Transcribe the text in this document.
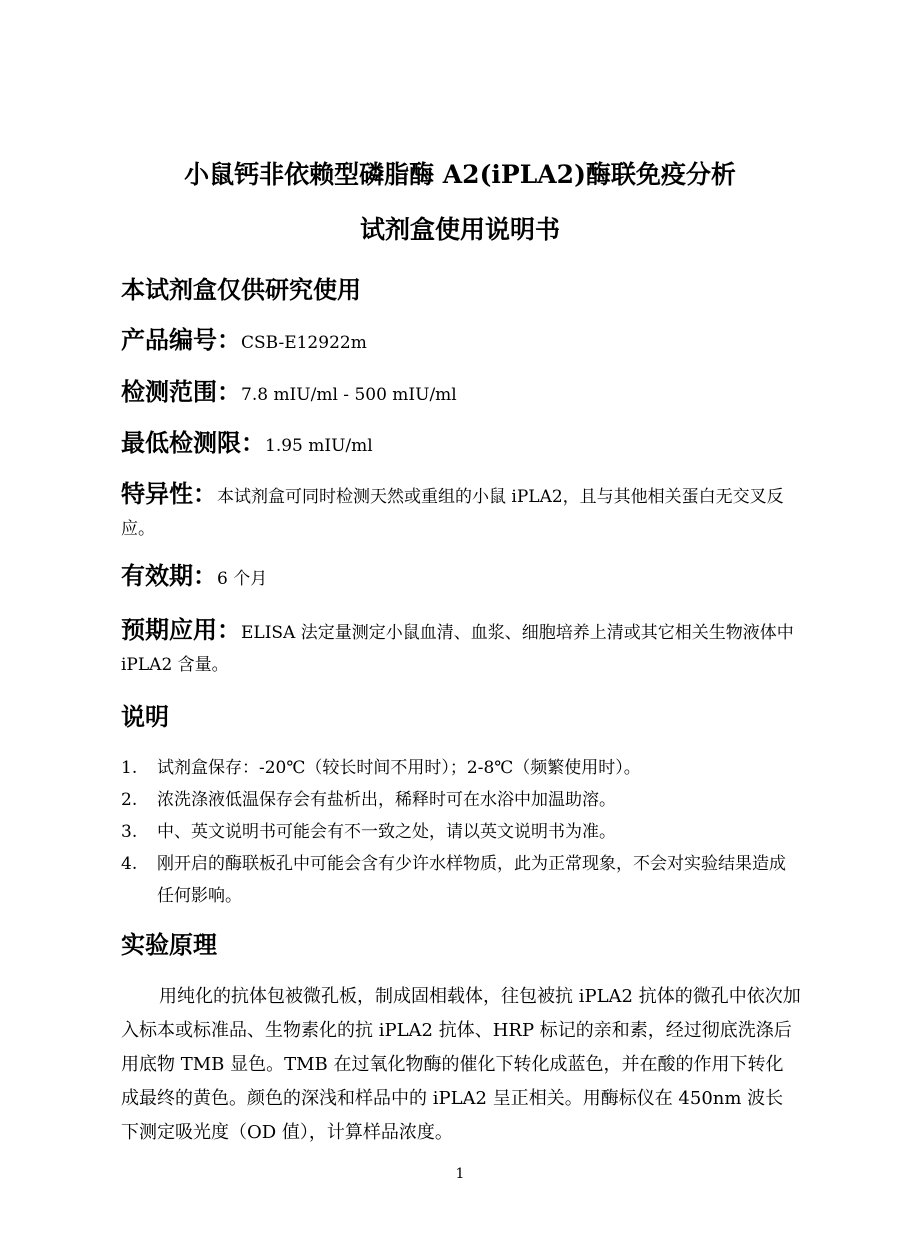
小鼠钙非依赖型磷脂酶 A2(iPLA2)酶联免疫分析
试剂盒使用说明书
本试剂盒仅供研究使用
产品编号：CSB-E12922m
检测范围：7.8 mIU/ml - 500 mIU/ml
最低检测限：1.95 mIU/ml
特异性：本试剂盒可同时检测天然或重组的小鼠 iPLA2，且与其他相关蛋白无交叉反应。
有效期：6 个月
预期应用：ELISA 法定量测定小鼠血清、血浆、细胞培养上清或其它相关生物液体中 iPLA2 含量。
说明
1. 试剂盒保存：-20℃（较长时间不用时）；2-8℃（频繁使用时）。
2. 浓洗涤液低温保存会有盐析出，稀释时可在水浴中加温助溶。
3. 中、英文说明书可能会有不一致之处，请以英文说明书为准。
4. 刚开启的酶联板孔中可能会含有少许水样物质，此为正常现象，不会对实验结果造成任何影响。
实验原理

用纯化的抗体包被微孔板，制成固相载体，往包被抗 iPLA2 抗体的微孔中依次加入标本或标准品、生物素化的抗 iPLA2 抗体、HRP 标记的亲和素，经过彻底洗涤后用底物 TMB 显色。TMB 在过氧化物酶的催化下转化成蓝色，并在酸的作用下转化成最终的黄色。颜色的深浅和样品中的 iPLA2 呈正相关。用酶标仪在 450nm 波长下测定吸光度（OD 值），计算样品浓度。

1
